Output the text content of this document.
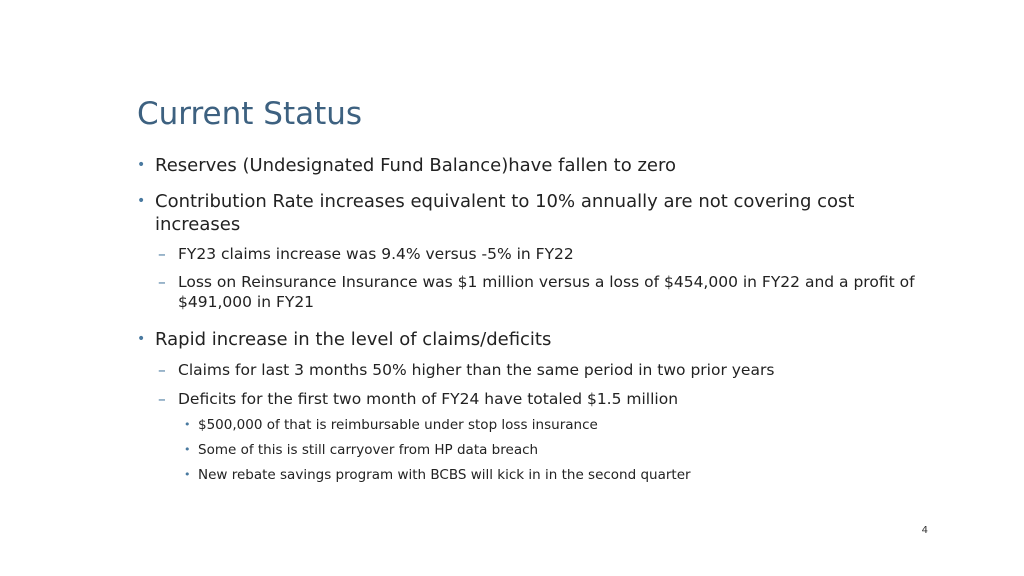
Current Status
• Reserves (Undesignated Fund Balance)have fallen to zero
• Contribution Rate increases equivalent to 10% annually are not covering cost increases
– FY23 claims increase was 9.4% versus -5% in FY22
– Loss on Reinsurance Insurance was $1 million versus a loss of $454,000 in FY22 and a profit of $491,000 in FY21
• Rapid increase in the level of claims/deficits
– Claims for last 3 months 50% higher than the same period in two prior years
– Deficits for the first two month of FY24 have totaled $1.5 million
• $500,000 of that is reimbursable under stop loss insurance
• Some of this is still carryover from HP data breach
• New rebate savings program with BCBS will kick in in the second quarter
4
